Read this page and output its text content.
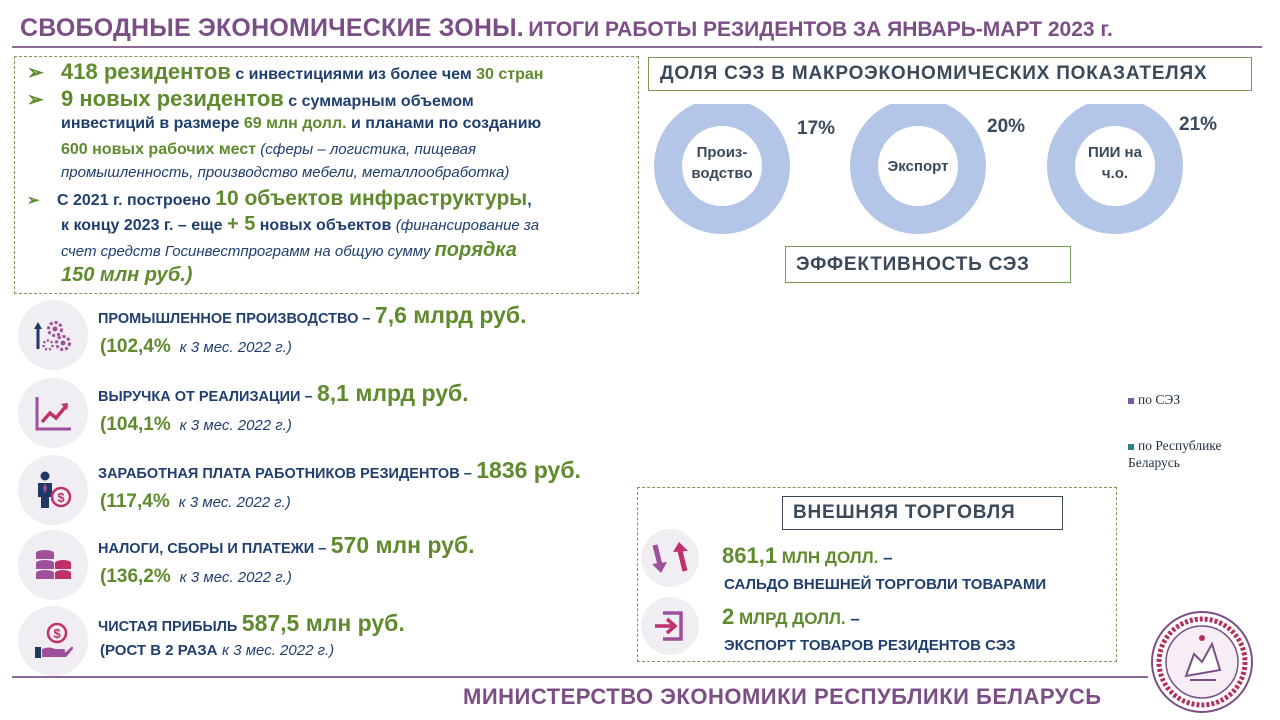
СВОБОДНЫЕ ЭКОНОМИЧЕСКИЕ ЗОНЫ. ИТОГИ РАБОТЫ РЕЗИДЕНТОВ ЗА ЯНВАРЬ-МАРТ 2023 г.
➢ 418 резидентов с инвестициями из более чем 30 стран
➢ 9 новых резидентов с суммарным объемом
инвестиций в размере 69 млн долл. и планами по созданию
600 новых рабочих мест (сферы – логистика, пищевая
промышленность, производство мебели, металлообработка)
➢ С 2021 г. построено 10 объектов инфраструктуры,
к концу 2023 г. – еще + 5 новых объектов (финансирование за
счет средств Госинвестпрограмм на общую сумму порядка
150 млн руб.)
ПРОМЫШЛЕННОЕ ПРОИЗВОДСТВО – 7,6 млрд руб.
(102,4% к 3 мес. 2022 г.)
ВЫРУЧКА ОТ РЕАЛИЗАЦИИ – 8,1 млрд руб.
(104,1% к 3 мес. 2022 г.)
$
ЗАРАБОТНАЯ ПЛАТА РАБОТНИКОВ РЕЗИДЕНТОВ – 1836 руб.
(117,4% к 3 мес. 2022 г.)
НАЛОГИ, СБОРЫ И ПЛАТЕЖИ – 570 млн руб.
(136,2% к 3 мес. 2022 г.)
$	ЧИСТАЯ ПРИБЫЛЬ 587,5 млн руб.
(РОСТ В 2 РАЗА к 3 мес. 2022 г.)
ДОЛЯ СЭЗ В МАКРОЭКОНОМИЧЕСКИХ ПОКАЗАТЕЛЯХ
Произ-
водство
17%
Экспорт
20%
ПИИ на
ч.о.
21%
ЭФФЕКТИВНОСТЬ СЭЗ
по СЭЗ
по Республике Беларусь
ВНЕШНЯЯ ТОРГОВЛЯ
861,1 МЛН ДОЛЛ. –
САЛЬДО ВНЕШНЕЙ ТОРГОВЛИ ТОВАРАМИ
2 МЛРД ДОЛЛ. –
ЭКСПОРТ ТОВАРОВ РЕЗИДЕНТОВ СЭЗ
МИНИСТЕРСТВО ЭКОНОМИКИ РЕСПУБЛИКИ БЕЛАРУСЬ
